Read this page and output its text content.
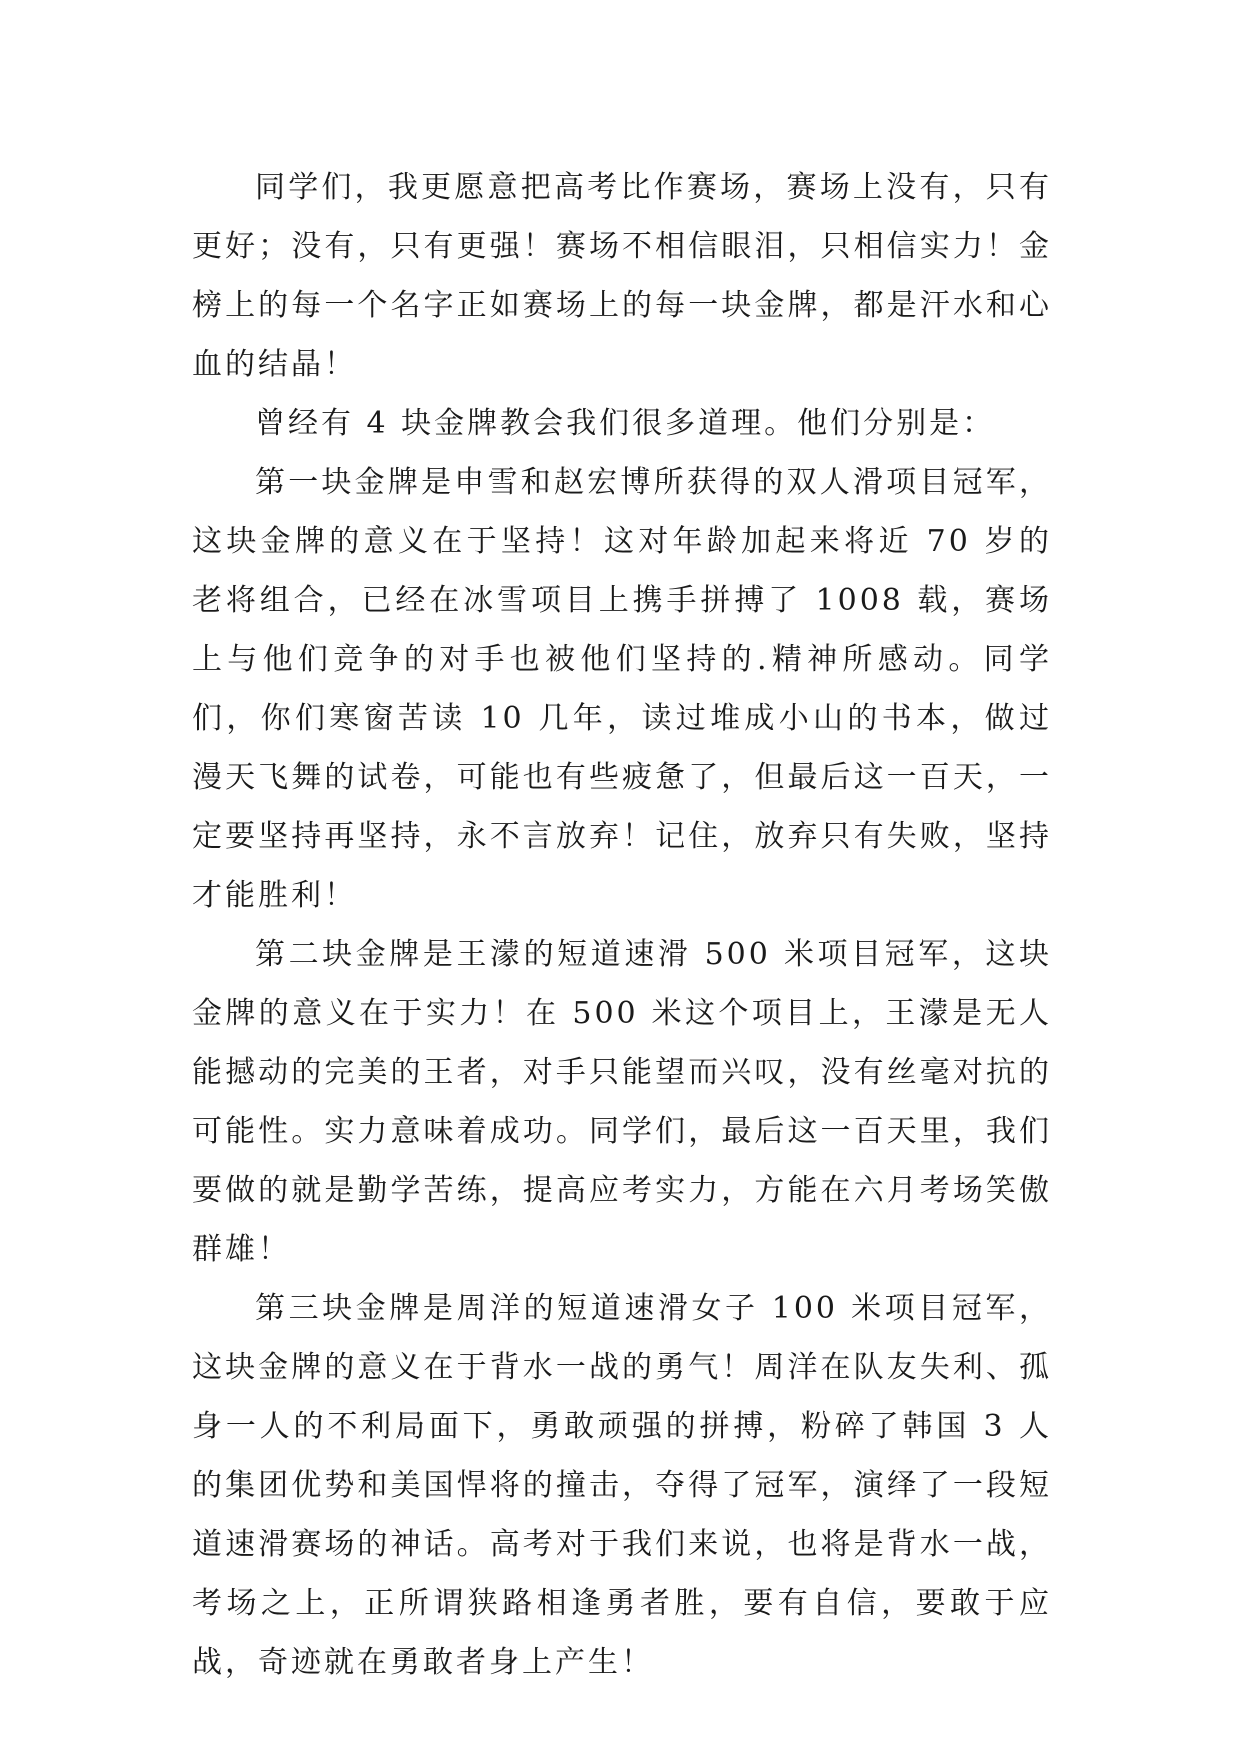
同学们，我更愿意把高考比作赛场，赛场上没有，只有更好；没有，只有更强！赛场不相信眼泪，只相信实力！金榜上的每一个名字正如赛场上的每一块金牌，都是汗水和心血的结晶！

曾经有 4 块金牌教会我们很多道理。他们分别是：

第一块金牌是申雪和赵宏博所获得的双人滑项目冠军，这块金牌的意义在于坚持！这对年龄加起来将近 70 岁的老将组合，已经在冰雪项目上携手拼搏了 1008 载，赛场上与他们竞争的对手也被他们坚持的.精神所感动。同学们，你们寒窗苦读 10 几年，读过堆成小山的书本，做过漫天飞舞的试卷，可能也有些疲惫了，但最后这一百天，一定要坚持再坚持，永不言放弃！记住，放弃只有失败，坚持才能胜利！

第二块金牌是王濛的短道速滑 500 米项目冠军，这块金牌的意义在于实力！在 500 米这个项目上，王濛是无人能撼动的完美的王者，对手只能望而兴叹，没有丝毫对抗的可能性。实力意味着成功。同学们，最后这一百天里，我们要做的就是勤学苦练，提高应考实力，方能在六月考场笑傲群雄！

第三块金牌是周洋的短道速滑女子 100 米项目冠军，这块金牌的意义在于背水一战的勇气！周洋在队友失利、孤身一人的不利局面下，勇敢顽强的拼搏，粉碎了韩国 3 人的集团优势和美国悍将的撞击，夺得了冠军，演绎了一段短道速滑赛场的神话。高考对于我们来说，也将是背水一战，考场之上，正所谓狭路相逢勇者胜，要有自信，要敢于应战，奇迹就在勇敢者身上产生！
